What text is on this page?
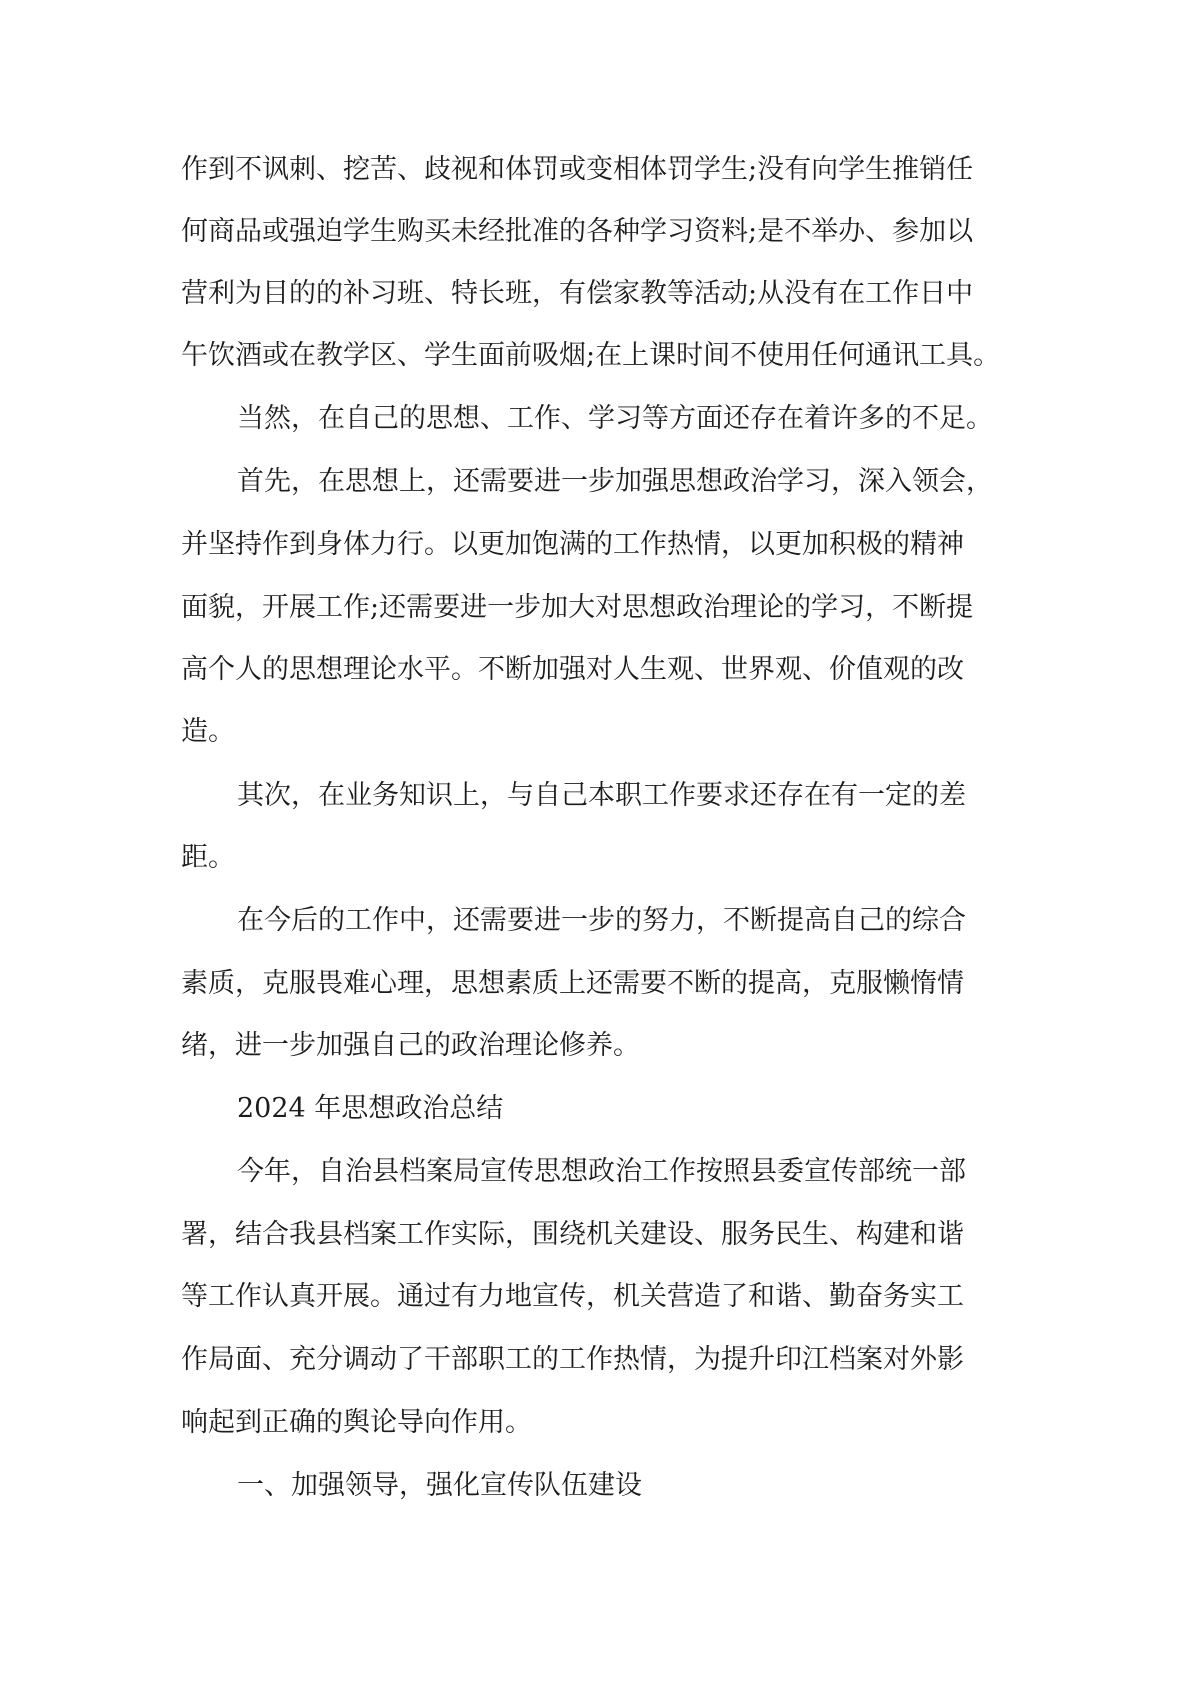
作到不讽刺、挖苦、歧视和体罚或变相体罚学生;没有向学生推销任
何商品或强迫学生购买未经批准的各种学习资料;是不举办、参加以
营利为目的的补习班、特长班，有偿家教等活动;从没有在工作日中
午饮酒或在教学区、学生面前吸烟;在上课时间不使用任何通讯工具。
当然，在自己的思想、工作、学习等方面还存在着许多的不足。
首先，在思想上，还需要进一步加强思想政治学习，深入领会，
并坚持作到身体力行。以更加饱满的工作热情，以更加积极的精神
面貌，开展工作;还需要进一步加大对思想政治理论的学习，不断提
高个人的思想理论水平。不断加强对人生观、世界观、价值观的改
造。
其次，在业务知识上，与自己本职工作要求还存在有一定的差
距。
在今后的工作中，还需要进一步的努力，不断提高自己的综合
素质，克服畏难心理，思想素质上还需要不断的提高，克服懒惰情
绪，进一步加强自己的政治理论修养。
2024 年思想政治总结
今年，自治县档案局宣传思想政治工作按照县委宣传部统一部
署，结合我县档案工作实际，围绕机关建设、服务民生、构建和谐
等工作认真开展。通过有力地宣传，机关营造了和谐、勤奋务实工
作局面、充分调动了干部职工的工作热情，为提升印江档案对外影
响起到正确的舆论导向作用。
一、加强领导，强化宣传队伍建设
